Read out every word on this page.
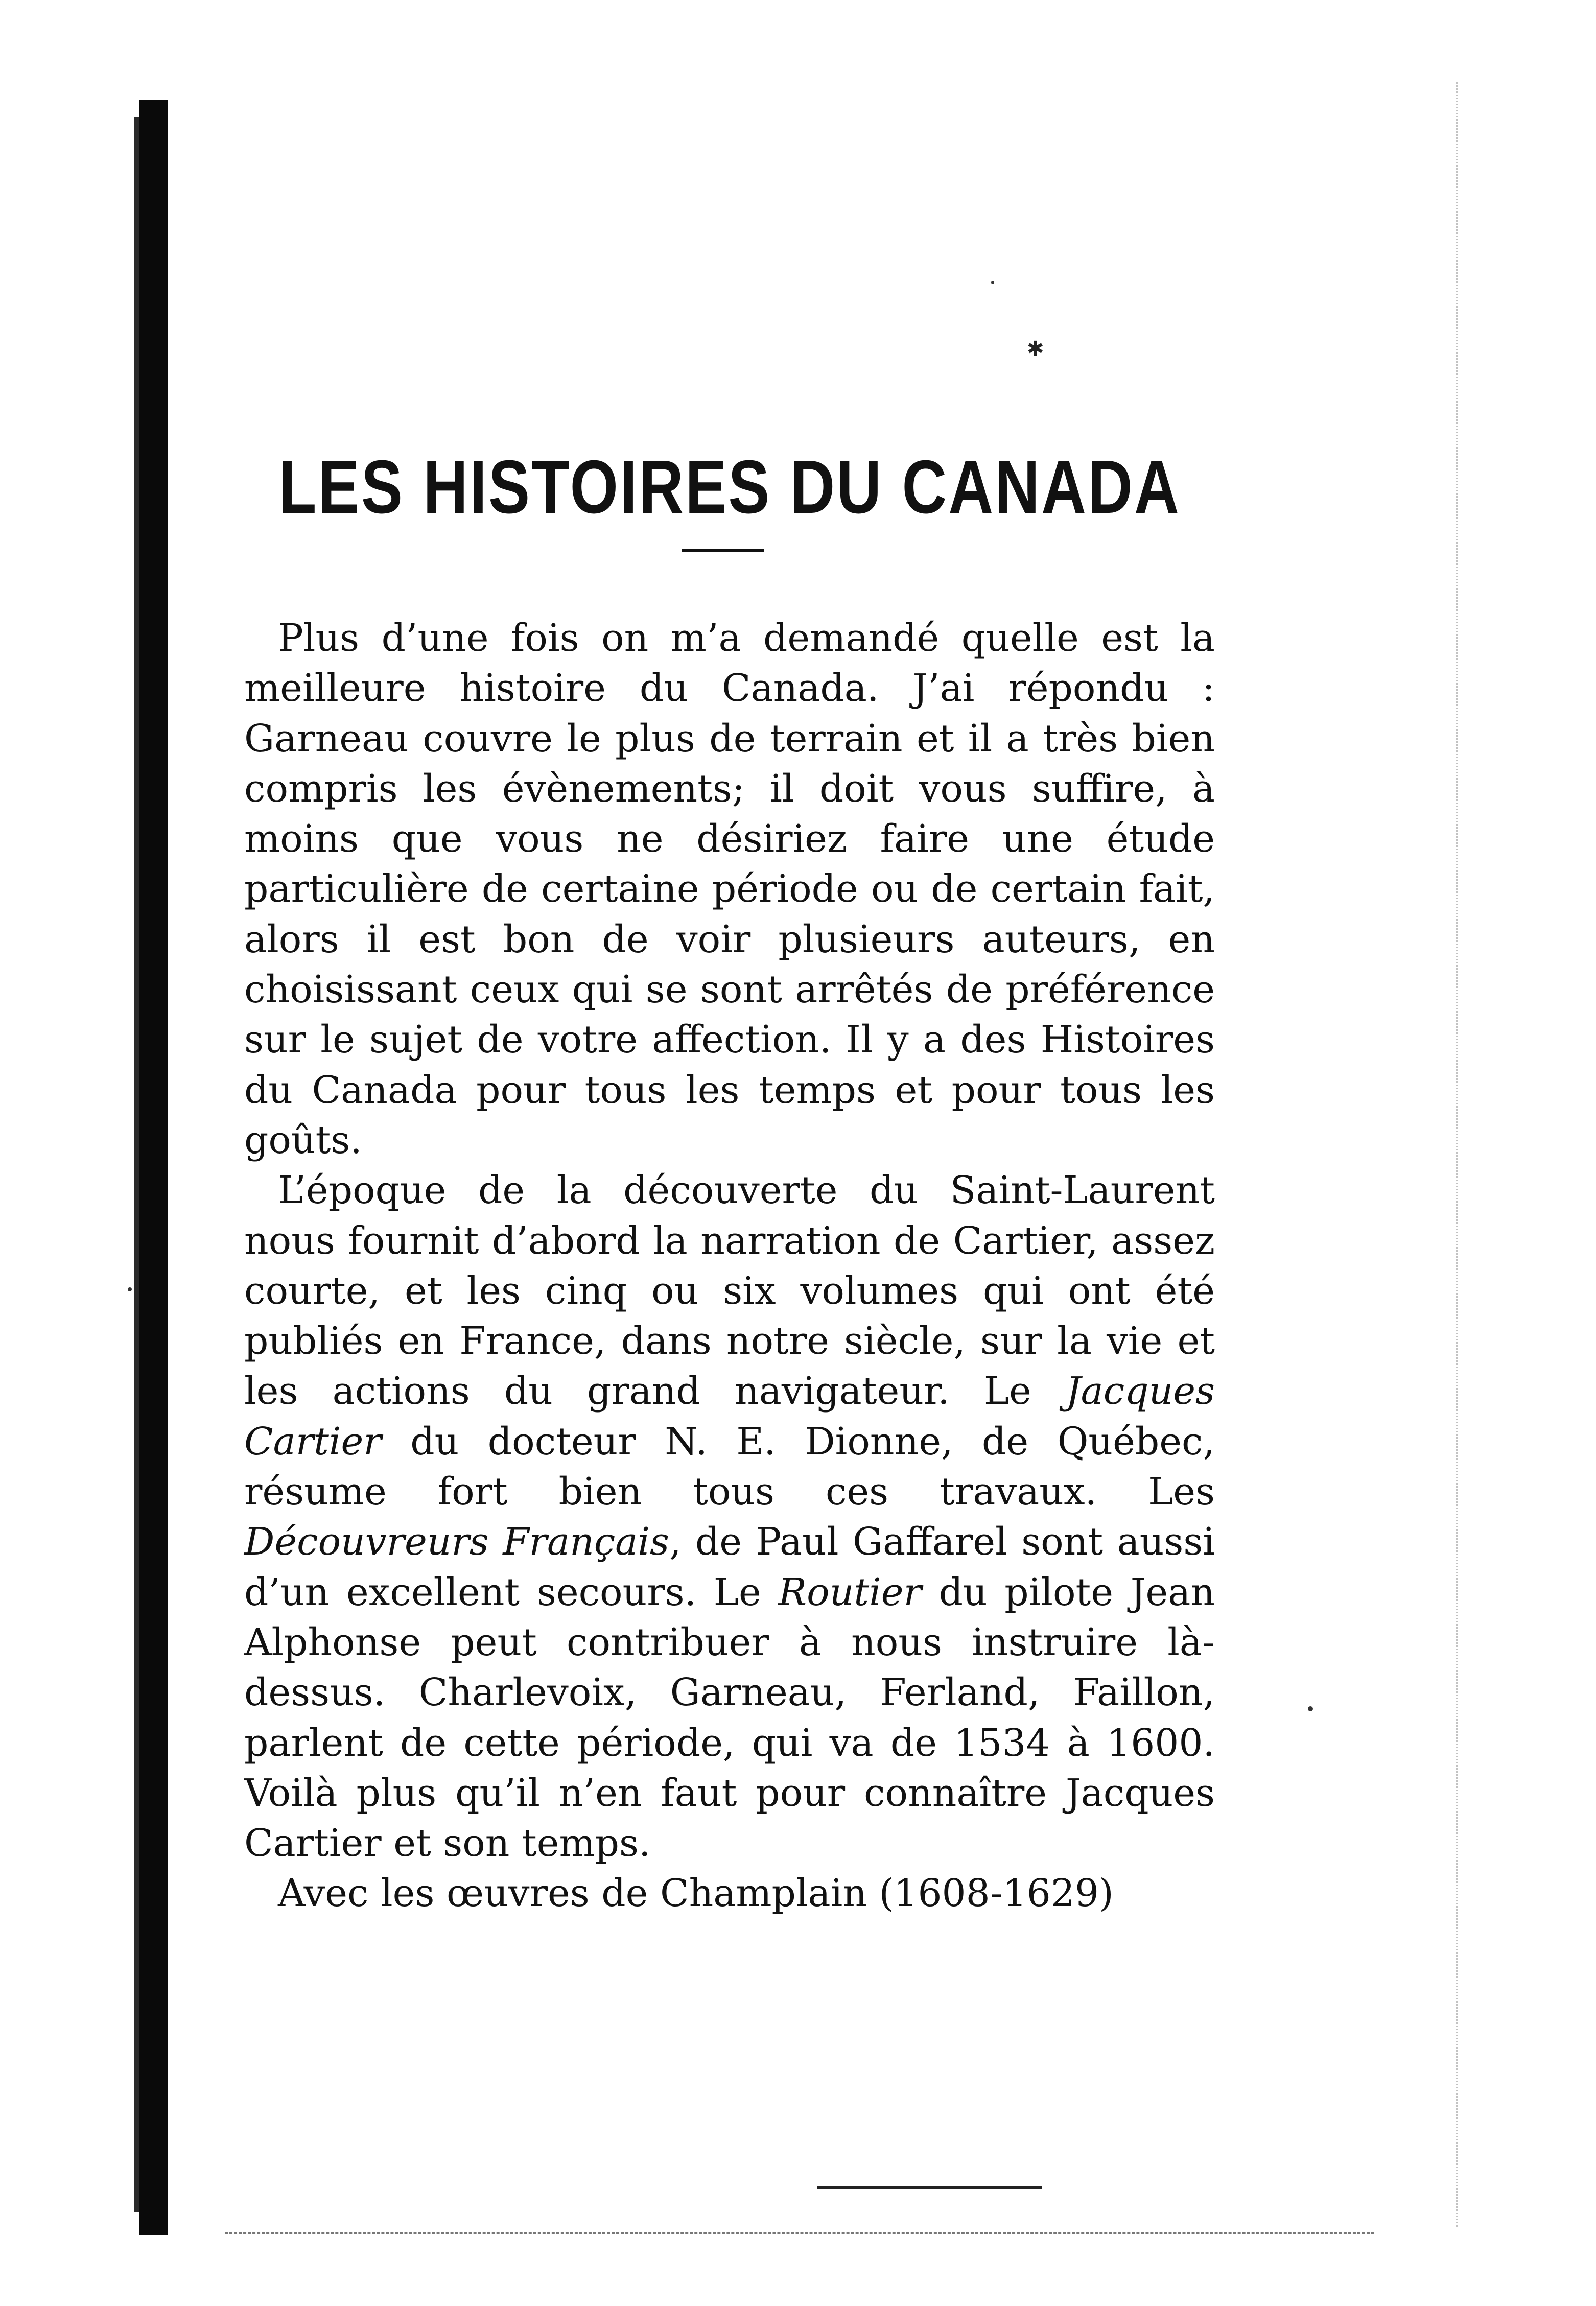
✱
LES HISTOIRES DU CANADA

Plus d’une fois on m’a demandé quelle est la meilleure histoire du Canada. J’ai répondu : Garneau couvre le plus de terrain et il a très bien compris les évènements; il doit vous suffire, à moins que vous ne désiriez faire une étude particulière de certaine période ou de certain fait, alors il est bon de voir plusieurs auteurs, en choisissant ceux qui se sont arrêtés de préférence sur le sujet de votre affection. Il y a des Histoires du Canada pour tous les temps et pour tous les goûts.

L’époque de la découverte du Saint-Laurent nous fournit d’abord la narration de Cartier, assez courte, et les cinq ou six volumes qui ont été publiés en France, dans notre siècle, sur la vie et les actions du grand navigateur. Le Jacques Cartier du docteur N. E. Dionne, de Québec, résume fort bien tous ces travaux. Les Découvreurs Français, de Paul Gaffarel sont aussi d’un excellent secours. Le Routier du pilote Jean Alphonse peut contribuer à nous instruire là-dessus. Charlevoix, Garneau, Ferland, Faillon, parlent de cette période, qui va de 1534 à 1600. Voilà plus qu’il n’en faut pour connaître Jacques Cartier et son temps.

Avec les œuvres de Champlain (1608-1629)
